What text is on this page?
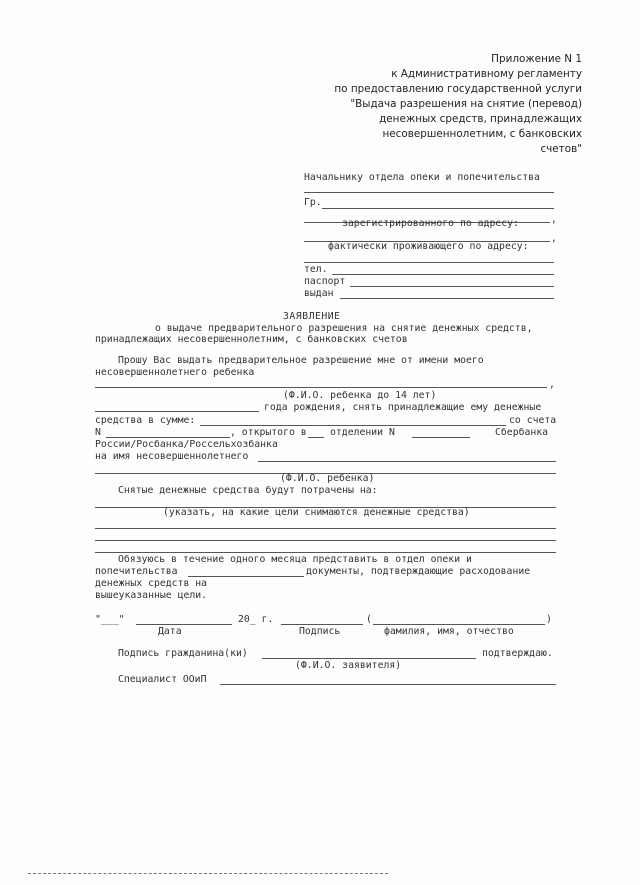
Приложение N 1
к Административному регламенту
по предоставлению государственной услуги
"Выдача разрешения на снятие (перевод)
денежных средств, принадлежащих
несовершеннолетним, с банковских
счетов"
Начальнику отдела опеки и попечительства
Гр.
,
зарегистрированного по адресу:
,
фактически проживающего по адресу:
тел.
паспорт
выдан
ЗАЯВЛЕНИЕ
о выдаче предварительного разрешения на снятие денежных средств,
принадлежащих несовершеннолетним, с банковских счетов
Прошу Вас выдать предварительное разрешение мне от имени моего
несовершеннолетнего ребенка
,
(Ф.И.О. ребенка до 14 лет)
года рождения, снять принадлежащие ему денежные
средства в сумме:	со счета
N	, открытого в отделении N	Сбербанка
России/Росбанка/Россельхозбанка
на имя несовершеннолетнего
(Ф.И.О. ребенка)
Снятые денежные средства будут потрачены на:
(указать, на какие цели снимаются денежные средства)
Обязуюсь в течение одного месяца представить в отдел опеки и
попечительства	документы, подтверждающие расходование
денежных средств на
вышеуказанные цели.
"___"	20_ г.	(	)
Дата	Подпись	фамилия, имя, отчество
Подпись гражданина(ки)	подтверждаю.
(Ф.И.О. заявителя)
Специалист ООиП
